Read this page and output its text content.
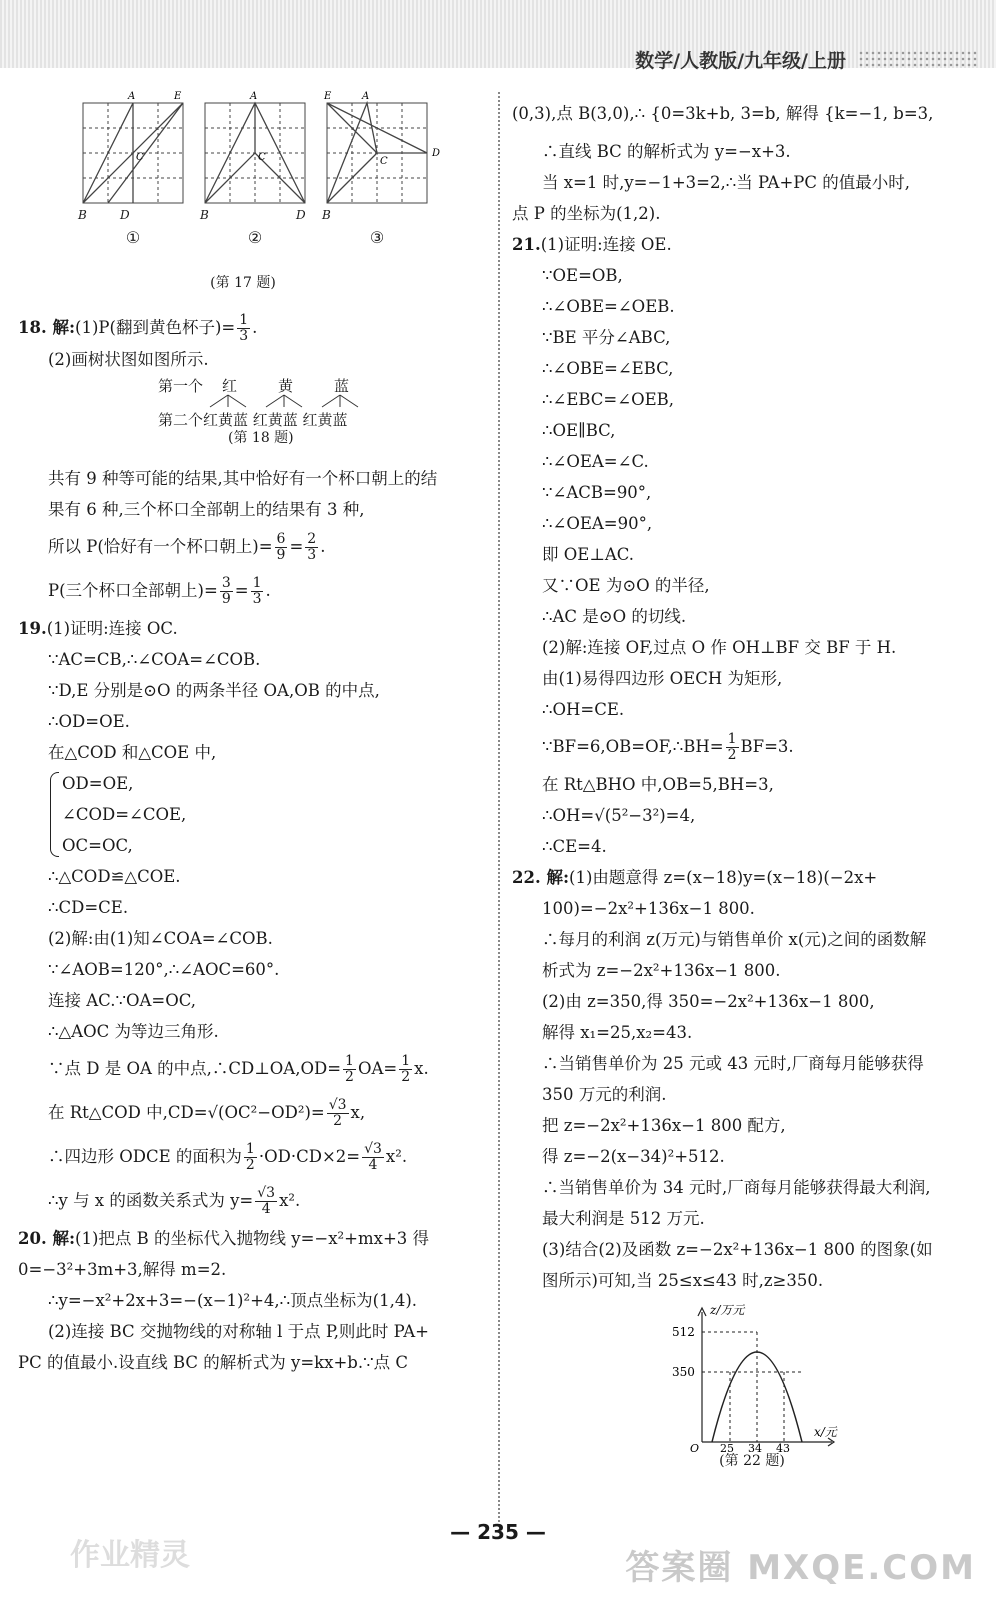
数学/人教版/九年级/上册
A	E
C
B	D
①
A
C
B	D
②
E	A
C
D
B
③
(第 17 题)
18. 解:(1)P(翻到黄色杯子)= $\frac{1}{3}$ .
(2)画树状图如图所示.
第一个 红	黄	蓝
第二个红黄蓝 红黄蓝 红黄蓝
(第 18 题)
共有 9 种等可能的结果,其中恰好有一个杯口朝上的结
果有 6 种,三个杯口全部朝上的结果有 3 种,
所以 P(恰好有一个杯口朝上)= $\frac{6}{9} = \frac{2}{3}$ .
P(三个杯口全部朝上)= $\frac{3}{9} = \frac{1}{3}$ .
19.(1)证明:连接 OC.
∵AC=CB,∴∠COA=∠COB.
∵D,E 分别是⊙O 的两条半径 OA,OB 的中点,
∴OD=OE.
在△COD 和△COE 中,
OD=OE,
∠COD=∠COE,
OC=OC,
∴△COD≌△COE.
∴CD=CE.
(2)解:由(1)知∠COA=∠COB.
∵∠AOB=120°,∴∠AOC=60°.
连接 AC.∵OA=OC,
∴△AOC 为等边三角形.
∵点 D 是 OA 的中点,∴CD⊥OA,OD= $\frac{1}{2} OA= \frac{1}{2} x$.
在 Rt△COD 中$,CD=√(OC^2-OD^2)= \frac{√3}{2} x$,
∴四边形 ODCE 的面积为 $\frac{1}{2} \cdot OD\cdot CD\times 2= \frac{√3}{4} x^2$.
∴y 与 x 的函数关系式为 $y= \frac{√3}{4} x^2$.
20. 解:(1)把点 B 的坐标代入抛物线 y=−x²+mx+3 得
0=−3²+3m+3,解得 m=2.
∴y=−x²+2x+3=−(x−1)²+4,∴顶点坐标为(1,4).
(2)连接 BC 交抛物线的对称轴 l 于点 P,则此时 PA+
PC 的值最小.设直线 BC 的解析式为 y=kx+b.∵点 C
(0,3),点 B(3,0),∴ {0=3k+b, 3=b, 解得 {k=−1, b=3,
∴直线 BC 的解析式为 y=−x+3.
当 x=1 时,y=−1+3=2,∴当 PA+PC 的值最小时,
点 P 的坐标为(1,2).
21.(1)证明:连接 OE.
∵OE=OB,
∴∠OBE=∠OEB.
∵BE 平分∠ABC,
∴∠OBE=∠EBC,
∴∠EBC=∠OEB,
∴OE∥BC,
∴∠OEA=∠C.
∵∠ACB=90°,
∴∠OEA=90°,
即 OE⊥AC.
又∵OE 为⊙O 的半径,
∴AC 是⊙O 的切线.
(2)解:连接 OF,过点 O 作 OH⊥BF 交 BF 于 H.
由(1)易得四边形 OECH 为矩形,
∴OH=CE.
∵BF=6,OB=OF,∴BH= $\frac{1}{2} BF=3$.
在 Rt△BHO 中,OB=5,BH=3,
∴OH=√(5²−3²)=4,
∴CE=4.
22. 解:(1)由题意得 z=(x−18)y=(x−18)(−2x+
100)=−2x²+136x−1 800.
∴每月的利润 z(万元)与销售单价 x(元)之间的函数解
析式为 z=−2x²+136x−1 800.
(2)由 z=350,得 350=−2x²+136x−1 800,
解得 x₁=25,x₂=43.
∴当销售单价为 25 元或 43 元时,厂商每月能够获得
350 万元的利润.
把 z=−2x²+136x−1 800 配方,
得 z=−2(x−34)²+512.
∴当销售单价为 34 元时,厂商每月能够获得最大利润,
最大利润是 512 万元.
(3)结合(2)及函数 z=−2x²+136x−1 800 的图象(如
图所示)可知,当 25≤x≤43 时,z≥350.
512
350
25 34 43
O
z/万元
x/元
(第 22 题)
— 235 —
作业精灵	答案圈 MXQE.COM
